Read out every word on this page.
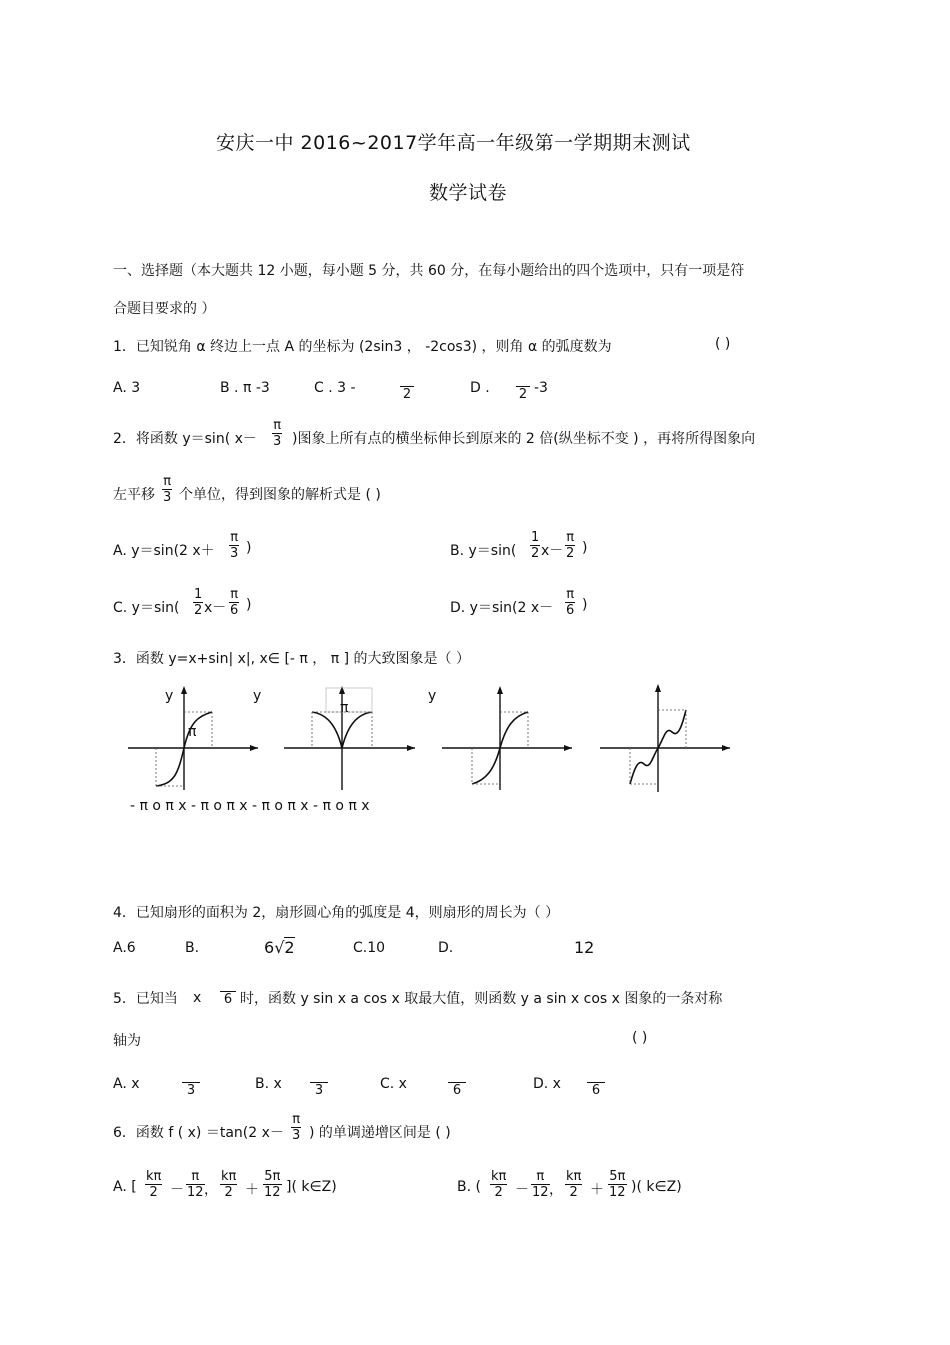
安庆一中 2016~2017学年高一年级第一学期期末测试
数学试卷
一、选择题（本大题共 12 小题，每小题 5 分，共 60 分，在每小题给出的四个选项中，只有一项是符
合题目要求的 ）
1．已知锐角 α 终边上一点 A 的坐标为 (2sin3 ， -2cos3) ，则角 α 的弧度数为	( )
A. 3	B . π -3	C . 3 -	2	D . 2 -3
2．将函数 y＝sin( $x- \frac{\pi}{3}$ )图象上所有点的横坐标伸长到原来的 2 倍(纵坐标不变 ) ，再将所得图象向
左平移 $\frac{\pi}{3}$ 个单位，得到图象的解析式是 ( )
A. y＝sin(2 $x+ \frac{\pi}{3}$ )	B. $y=\sin( \frac{1}{2} x- \frac{\pi}{2}$ )
C. $y=\sin( \frac{1}{2} x- \frac{\pi}{6}$ )	D. y＝sin(2 $x- \frac{\pi}{6}$ )
3．函数 y=x+sin| x|, x∈ [- π ， π ] 的大致图象是（ ）
y	y	y
π
π
- π o π x - π o π x - π o π x - π o π x
4．已知扇形的面积为 2，扇形圆心角的弧度是 4，则扇形的周长为（ ）
A.6	B.	6√2	C.10	D.	12
5．已知当 x 6 时，函数 y sin x a cos x 取最大值，则函数 y a sin x cos x 图象的一条对称
轴为	( )
A. x	3	B. x	3	C. x	6	D. x	6
6．函数 f ( x) ＝tan(2 $x- \frac{\pi}{3}$ ) 的单调递增区间是 ( )
A. [ $\frac{k\pi}{2} - \frac{\pi}{12}$ ， $\frac{k\pi}{2} + \frac{5\pi}{12}$ ]( k∈Z)	B. ( $\frac{k\pi}{2} - \frac{\pi}{12}$ ， $\frac{k\pi}{2} + \frac{5\pi}{12}$ )( k∈Z)
